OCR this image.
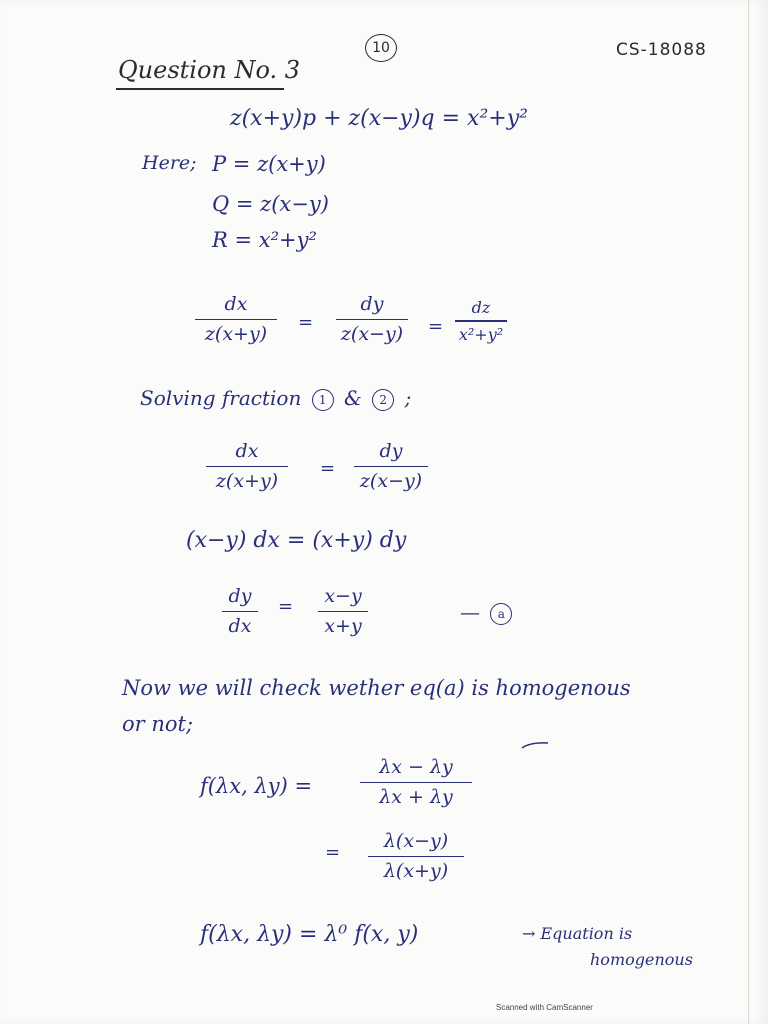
10	CS-18088
Question No. 3
z(x+y)p + z(x−y)q = x²+y²
Here; P = z(x+y)
Q = z(x−y)
R = x²+y²
dx
z(x+y)
=
dy
z(x−y) =
dz
x²+y²
Solving fraction 1 & 2 ;
dx
z(x+y)
=
dy
z(x−y)
(x−y) dx = (x+y) dy
dy
dx
= x−y
x+y
— a
Now we will check wether eq(a) is homogenous
or not;
f(λx, λy) =
λx − λy
λx + λy
=
λ(x−y)
λ(x+y)
f(λx, λy) = λ⁰ f(x, y)	→ Equation is
homogenous
Scanned with CamScanner
